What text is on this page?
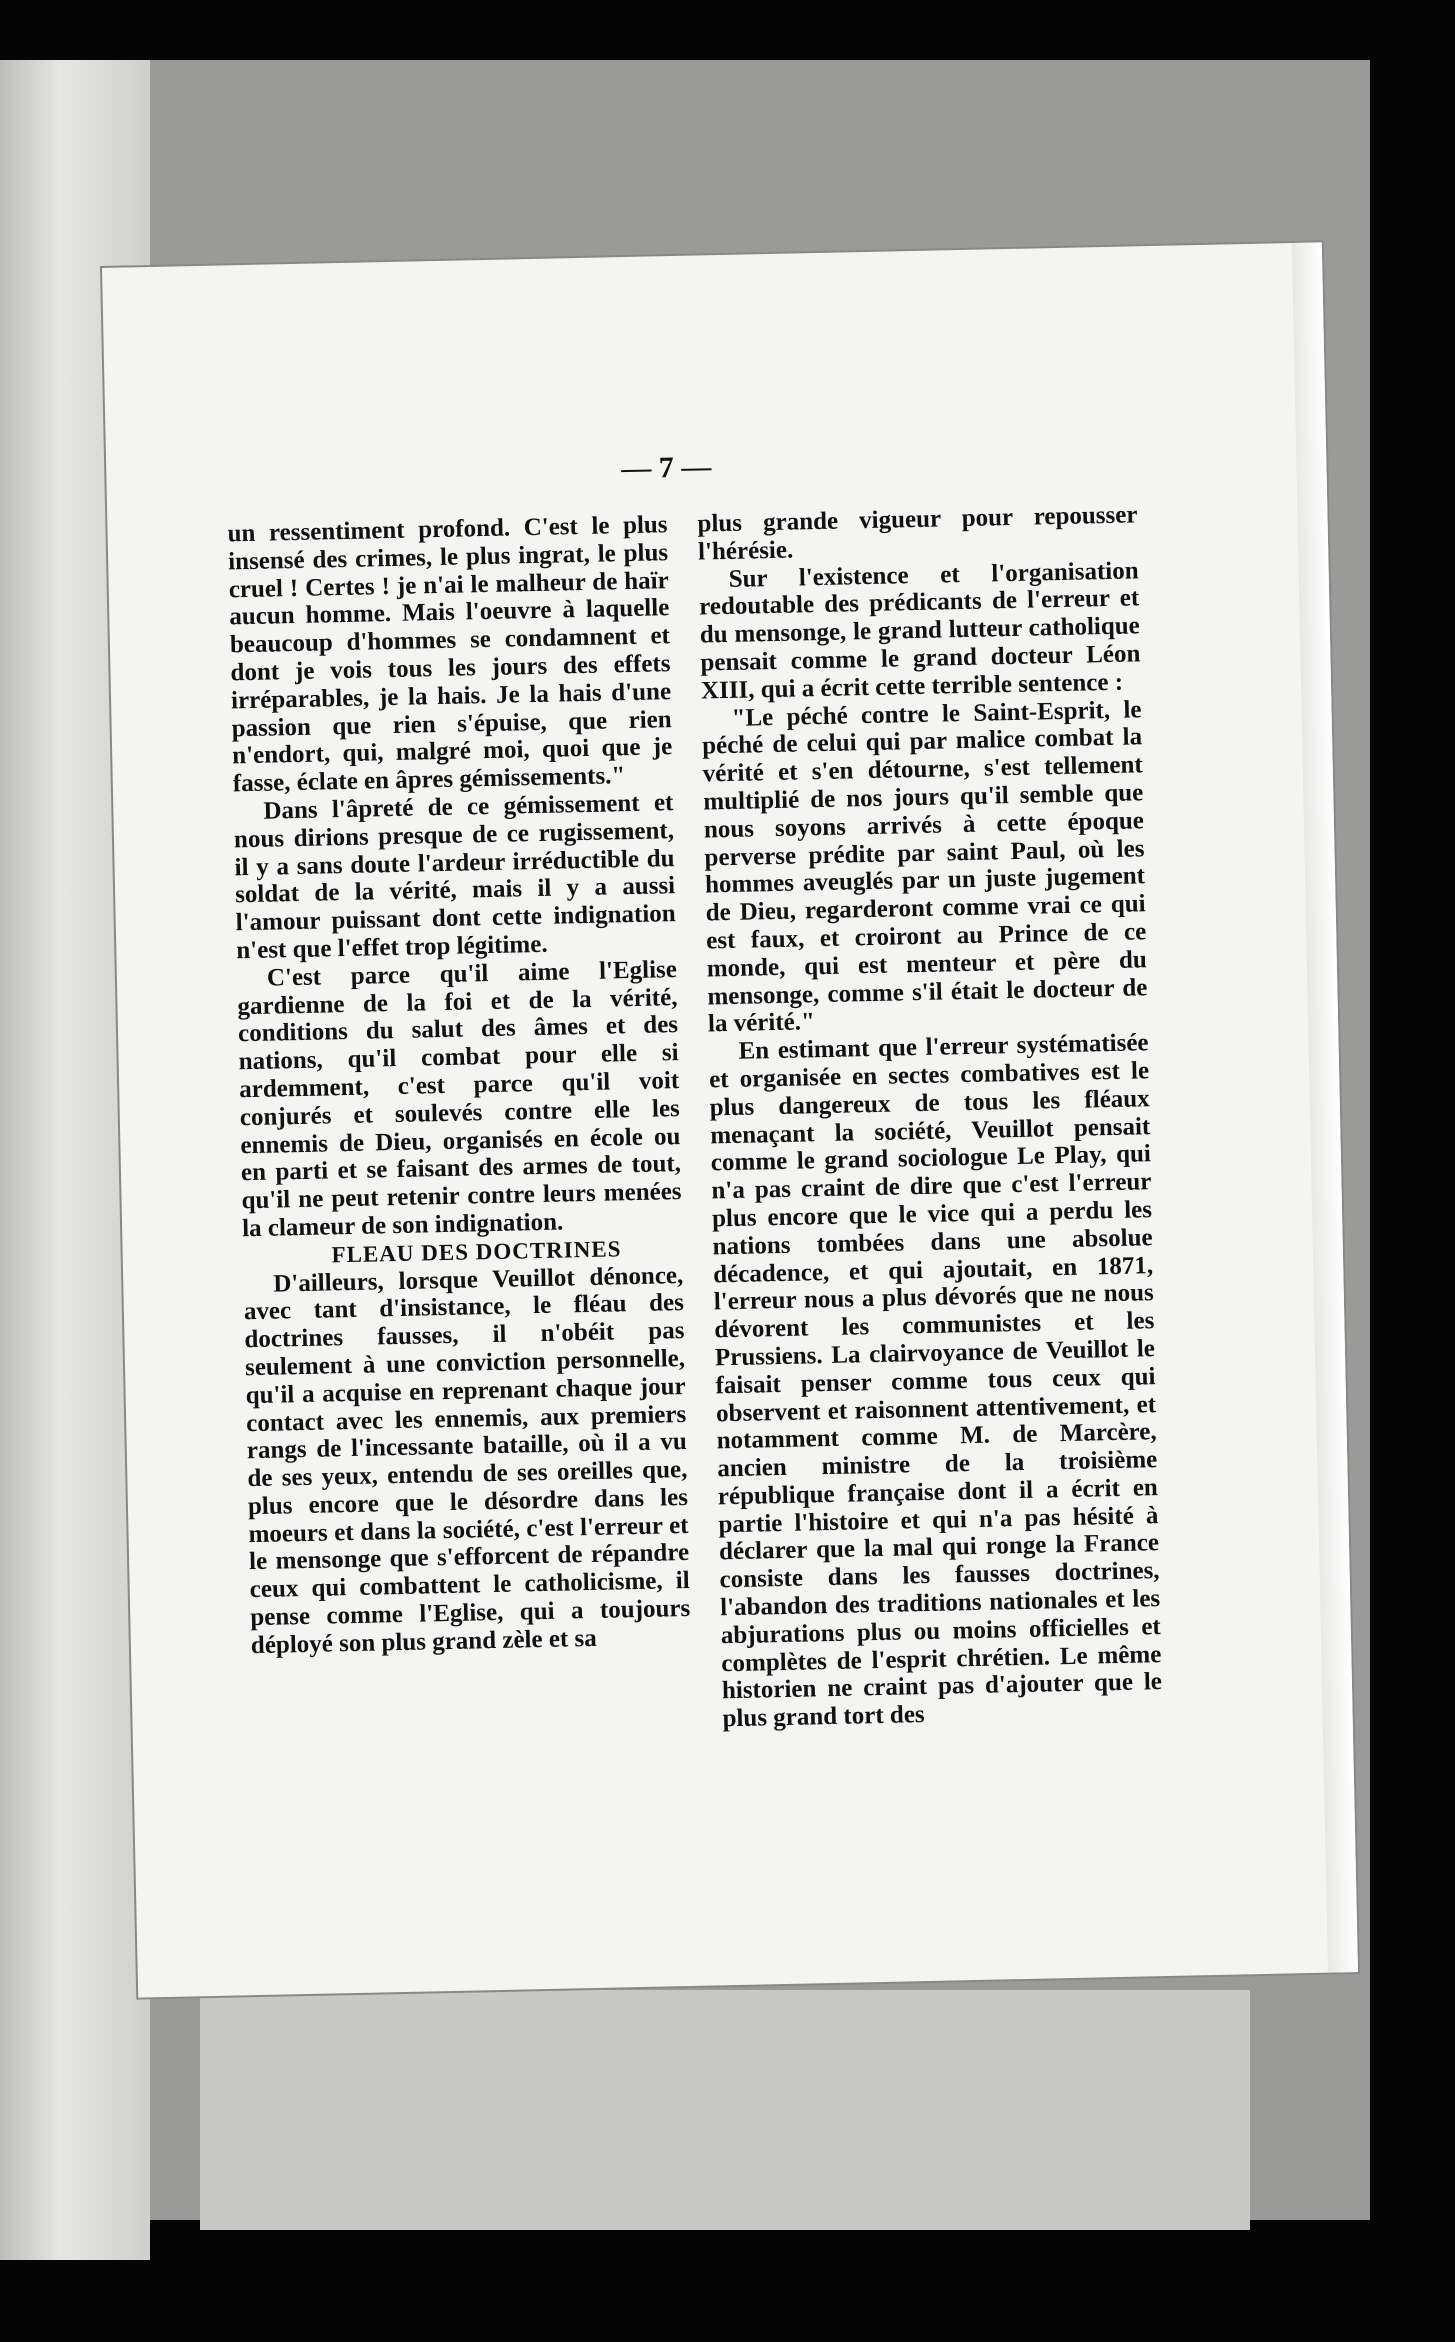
— 7 —

un ressentiment profond. C'est le plus insensé des crimes, le plus ingrat, le plus cruel ! Certes ! je n'ai le malheur de haïr aucun homme. Mais l'oeuvre à laquelle beaucoup d'hommes se condamnent et dont je vois tous les jours des effets irréparables, je la hais. Je la hais d'une passion que rien s'épuise, que rien n'endort, qui, malgré moi, quoi que je fasse, éclate en âpres gémissements."

Dans l'âpreté de ce gémissement et nous dirions presque de ce rugissement, il y a sans doute l'ardeur irréductible du soldat de la vérité, mais il y a aussi l'amour puissant dont cette indignation n'est que l'effet trop légitime.

C'est parce qu'il aime l'Eglise gardienne de la foi et de la vérité, conditions du salut des âmes et des nations, qu'il combat pour elle si ardemment, c'est parce qu'il voit conjurés et soulevés contre elle les ennemis de Dieu, organisés en école ou en parti et se faisant des armes de tout, qu'il ne peut retenir contre leurs menées la clameur de son indignation.

FLEAU DES DOCTRINES

D'ailleurs, lorsque Veuillot dénonce, avec tant d'insistance, le fléau des doctrines fausses, il n'obéit pas seulement à une conviction personnelle, qu'il a acquise en reprenant chaque jour contact avec les ennemis, aux premiers rangs de l'incessante bataille, où il a vu de ses yeux, entendu de ses oreilles que, plus encore que le désordre dans les moeurs et dans la société, c'est l'erreur et le mensonge que s'efforcent de répandre ceux qui combattent le catholicisme, il pense comme l'Eglise, qui a toujours déployé son plus grand zèle et sa

plus grande vigueur pour repousser l'hérésie.

Sur l'existence et l'organisation redoutable des prédicants de l'erreur et du mensonge, le grand lutteur catholique pensait comme le grand docteur Léon XIII, qui a écrit cette terrible sentence :

"Le péché contre le Saint-Esprit, le péché de celui qui par malice combat la vérité et s'en détourne, s'est tellement multiplié de nos jours qu'il semble que nous soyons arrivés à cette époque perverse prédite par saint Paul, où les hommes aveuglés par un juste jugement de Dieu, regarderont comme vrai ce qui est faux, et croiront au Prince de ce monde, qui est menteur et père du mensonge, comme s'il était le docteur de la vérité."

En estimant que l'erreur systématisée et organisée en sectes combatives est le plus dangereux de tous les fléaux menaçant la société, Veuillot pensait comme le grand sociologue Le Play, qui n'a pas craint de dire que c'est l'erreur plus encore que le vice qui a perdu les nations tombées dans une absolue décadence, et qui ajoutait, en 1871, l'erreur nous a plus dévorés que ne nous dévorent les communistes et les Prussiens. La clairvoyance de Veuillot le faisait penser comme tous ceux qui observent et raisonnent attentivement, et notamment comme M. de Marcère, ancien ministre de la troisième république française dont il a écrit en partie l'histoire et qui n'a pas hésité à déclarer que la mal qui ronge la France consiste dans les fausses doctrines, l'abandon des traditions nationales et les abjurations plus ou moins officielles et complètes de l'esprit chrétien. Le même historien ne craint pas d'ajouter que le plus grand tort des
